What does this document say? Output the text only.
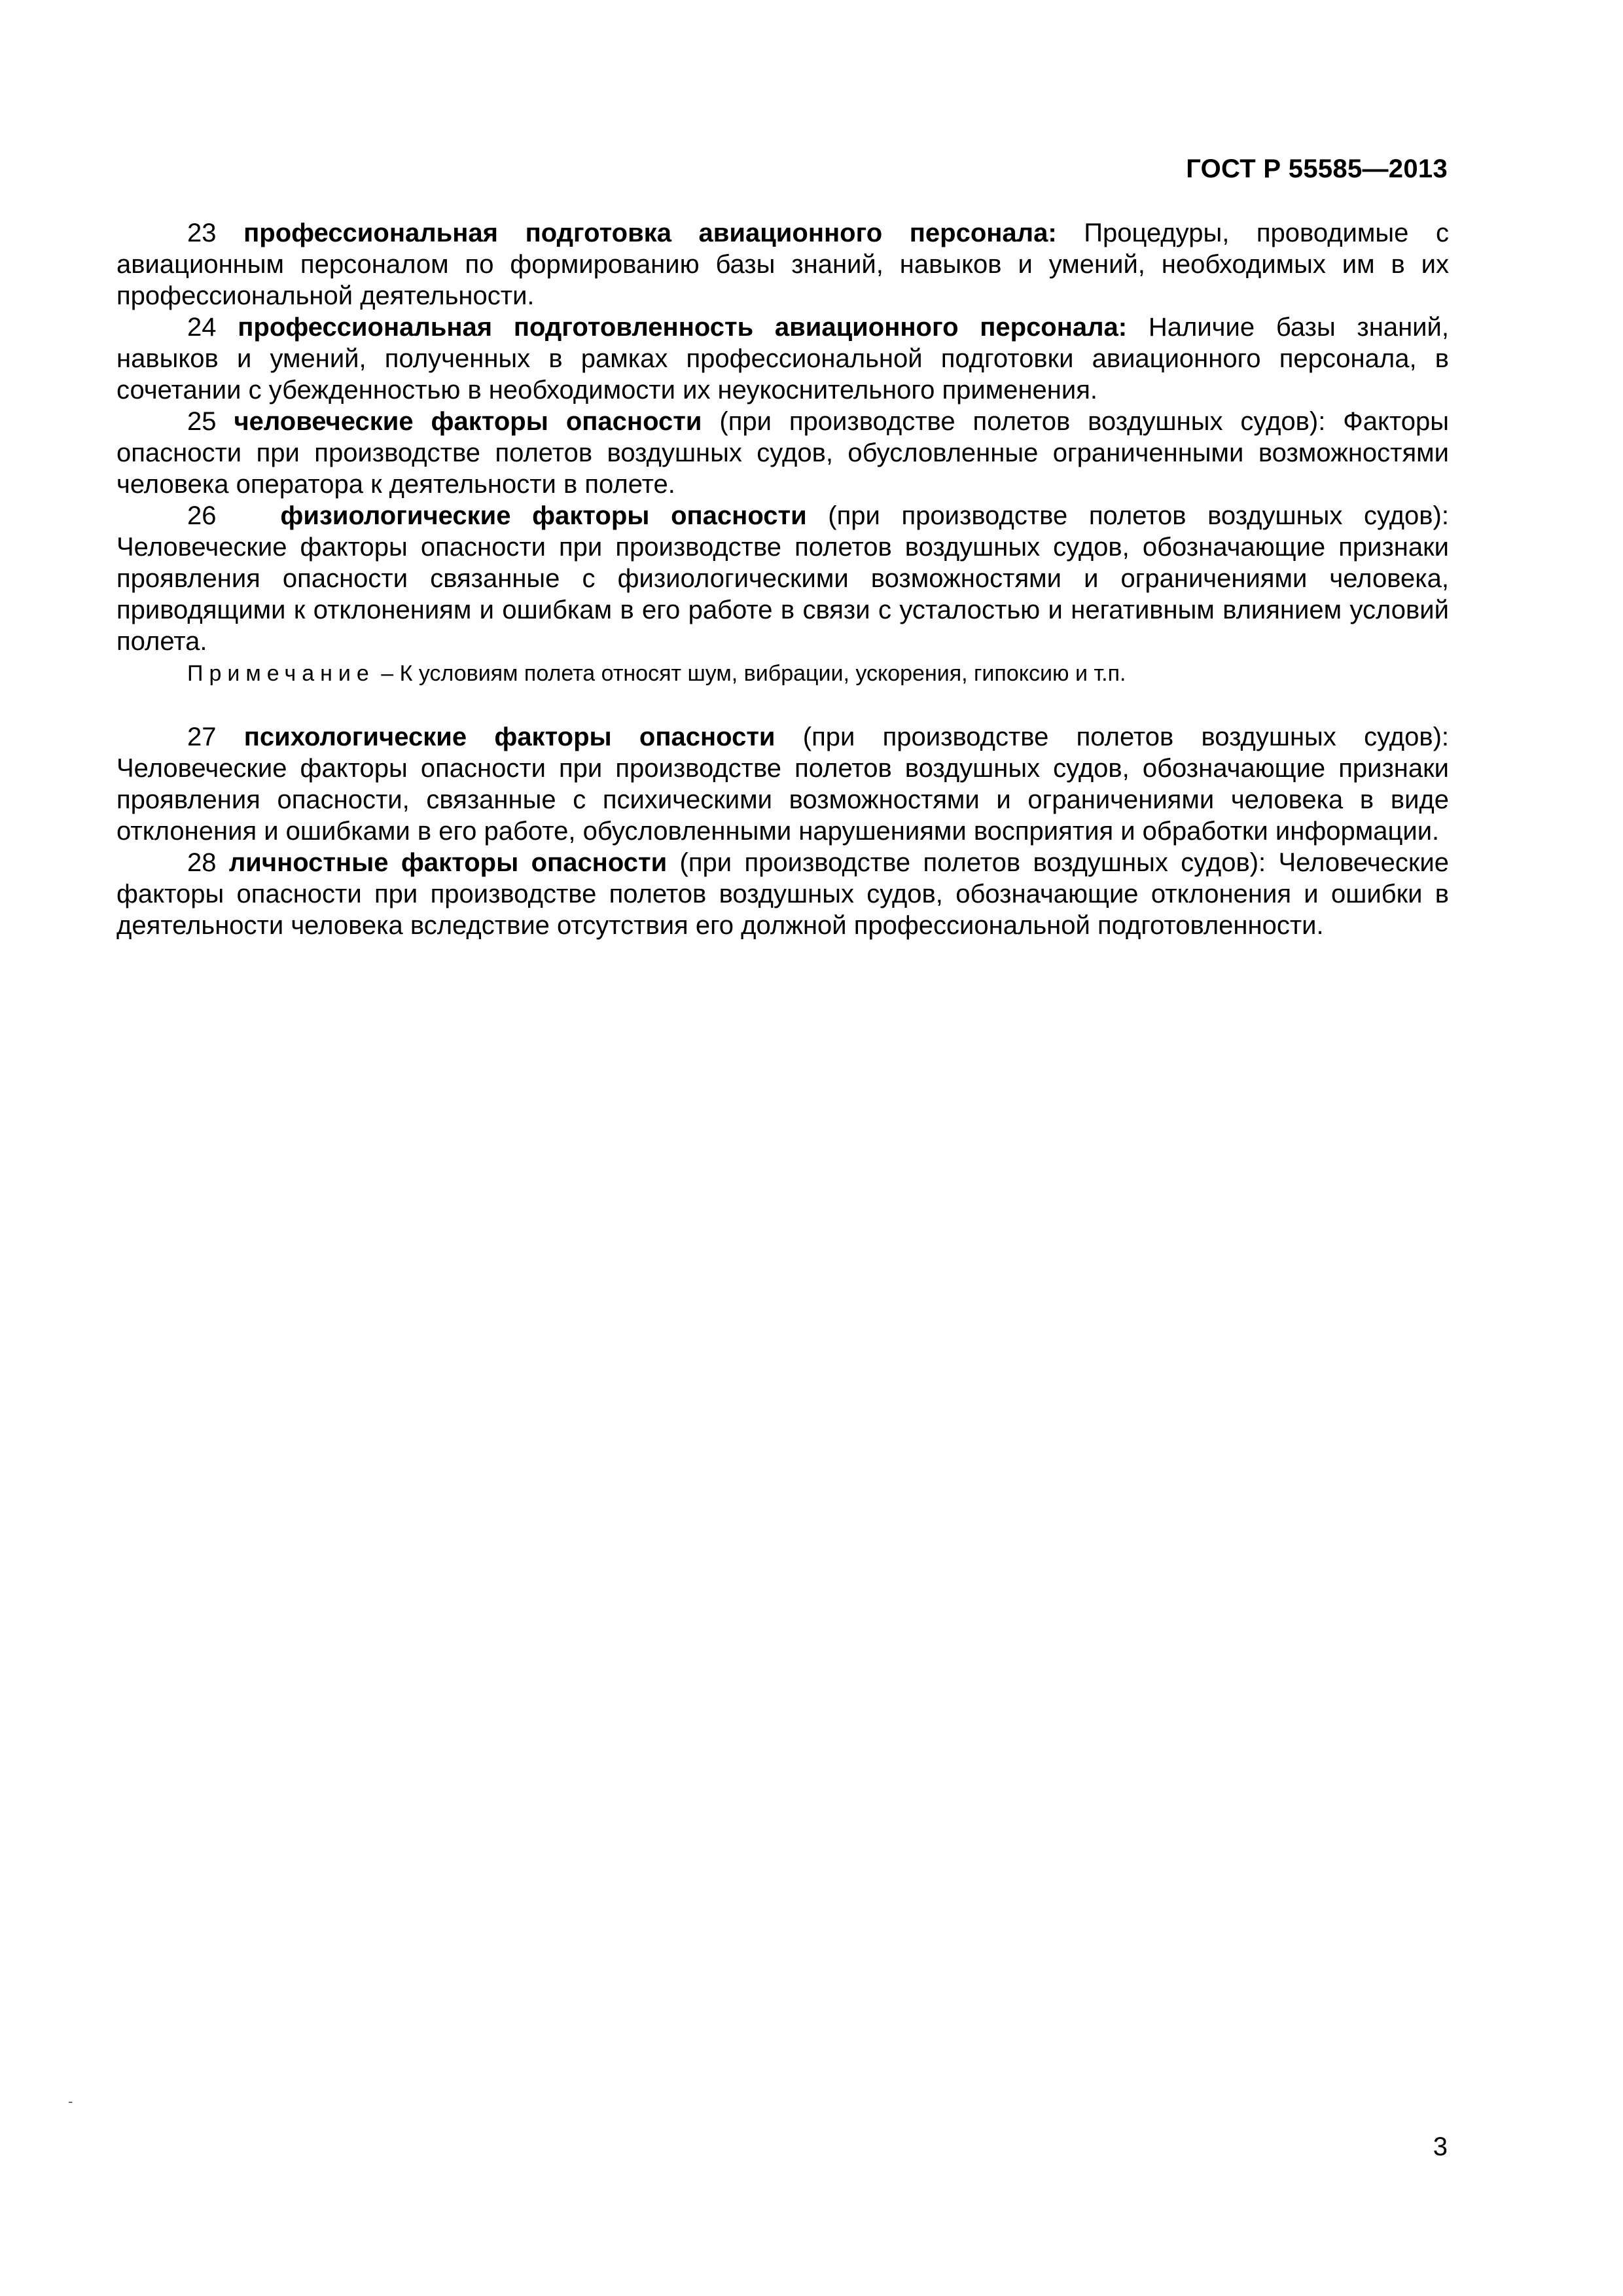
ГОСТ Р 55585—2013

23 профессиональная подготовка авиационного персонала: Процедуры, проводимые с авиационным персоналом по формированию базы знаний, навыков и умений, необходимых им в их профессиональной деятельности.

24 профессиональная подготовленность авиационного персонала: Наличие базы знаний, навыков и умений, полученных в рамках профессиональной подготовки авиационного персонала, в сочетании с убежденностью в необходимости их неукоснительного применения.

25 человеческие факторы опасности (при производстве полетов воздушных судов): Факторы опасности при производстве полетов воздушных судов, обусловленные ограниченными возможностями человека оператора к деятельности в полете.

26 физиологические факторы опасности (при производстве полетов воздушных судов): Человеческие факторы опасности при производстве полетов воздушных судов, обозначающие признаки проявления опасности связанные с физиологическими возможностями и ограничениями человека, приводящими к отклонениям и ошибкам в его работе в связи с усталостью и негативным влиянием условий полета.

Примечание – К условиям полета относят шум, вибрации, ускорения, гипоксию и т.п.

27 психологические факторы опасности (при производстве полетов воздушных судов): Человеческие факторы опасности при производстве полетов воздушных судов, обозначающие признаки проявления опасности, связанные с психическими возможностями и ограничениями человека в виде отклонения и ошибками в его работе, обусловленными нарушениями восприятия и обработки информации.

28 личностные факторы опасности (при производстве полетов воздушных судов): Человеческие факторы опасности при производстве полетов воздушных судов, обозначающие отклонения и ошибки в деятельности человека вследствие отсутствия его должной профессиональной подготовленности.

-
3
